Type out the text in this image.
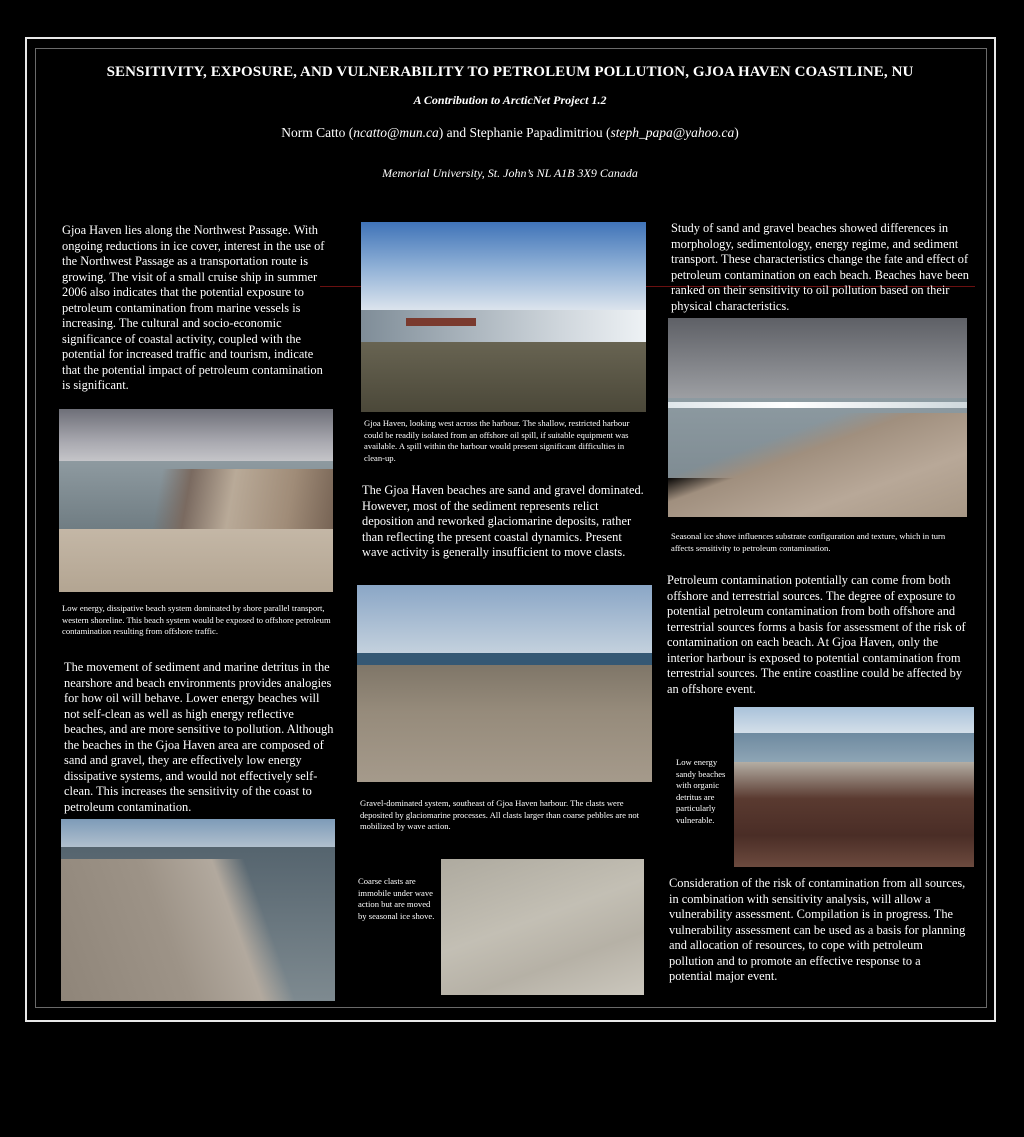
SENSITIVITY, EXPOSURE, AND VULNERABILITY TO PETROLEUM POLLUTION, GJOA HAVEN COASTLINE, NU
A Contribution to ArcticNet Project 1.2
Norm Catto (ncatto@mun.ca) and Stephanie Papadimitriou (steph_papa@yahoo.ca)
Memorial University, St. John’s NL A1B 3X9 Canada
Gjoa Haven lies along the Northwest Passage. With ongoing reductions in ice cover, interest in the use of the Northwest Passage as a transportation route is growing. The visit of a small cruise ship in summer 2006 also indicates that the potential exposure to petroleum contamination from marine vessels is increasing. The cultural and socio-economic significance of coastal activity, coupled with the potential for increased traffic and tourism, indicate that the potential impact of petroleum contamination is significant.
Low energy, dissipative beach system dominated by shore parallel transport, western shoreline. This beach system would be exposed to offshore petroleum contamination resulting from offshore traffic.
The movement of sediment and marine detritus in the nearshore and beach environments provides analogies for how oil will behave. Lower energy beaches will not self-clean as well as high energy reflective beaches, and are more sensitive to pollution. Although the beaches in the Gjoa Haven area are composed of sand and gravel, they are effectively low energy dissipative systems, and would not effectively self-clean. This increases the sensitivity of the coast to petroleum contamination.
Gjoa Haven, looking west across the harbour. The shallow, restricted harbour could be readily isolated from an offshore oil spill, if suitable equipment was available. A spill within the harbour would present significant difficulties in clean-up.
The Gjoa Haven beaches are sand and gravel dominated. However, most of the sediment represents relict deposition and reworked glaciomarine deposits, rather than reflecting the present coastal dynamics. Present wave activity is generally insufficient to move clasts.
Gravel-dominated system, southeast of Gjoa Haven harbour. The clasts were deposited by glaciomarine processes. All clasts larger than coarse pebbles are not mobilized by wave action.
Coarse clasts are immobile under wave action but are moved by seasonal ice shove.
Study of sand and gravel beaches showed differences in morphology, sedimentology, energy regime, and sediment transport. These characteristics change the fate and effect of petroleum contamination on each beach. Beaches have been ranked on their sensitivity to oil pollution based on their physical characteristics.
Seasonal ice shove influences substrate configuration and texture, which in turn affects sensitivity to petroleum contamination.
Petroleum contamination potentially can come from both offshore and terrestrial sources. The degree of exposure to potential petroleum contamination from both offshore and terrestrial sources forms a basis for assessment of the risk of contamination on each beach. At Gjoa Haven, only the interior harbour is exposed to potential contamination from terrestrial sources. The entire coastline could be affected by an offshore event.
Low energy sandy beaches with organic detritus are particularly vulnerable.
Consideration of the risk of contamination from all sources, in combination with sensitivity analysis, will allow a vulnerability assessment. Compilation is in progress. The vulnerability assessment can be used as a basis for planning and allocation of resources, to cope with petroleum pollution and to promote an effective response to a potential major event.
